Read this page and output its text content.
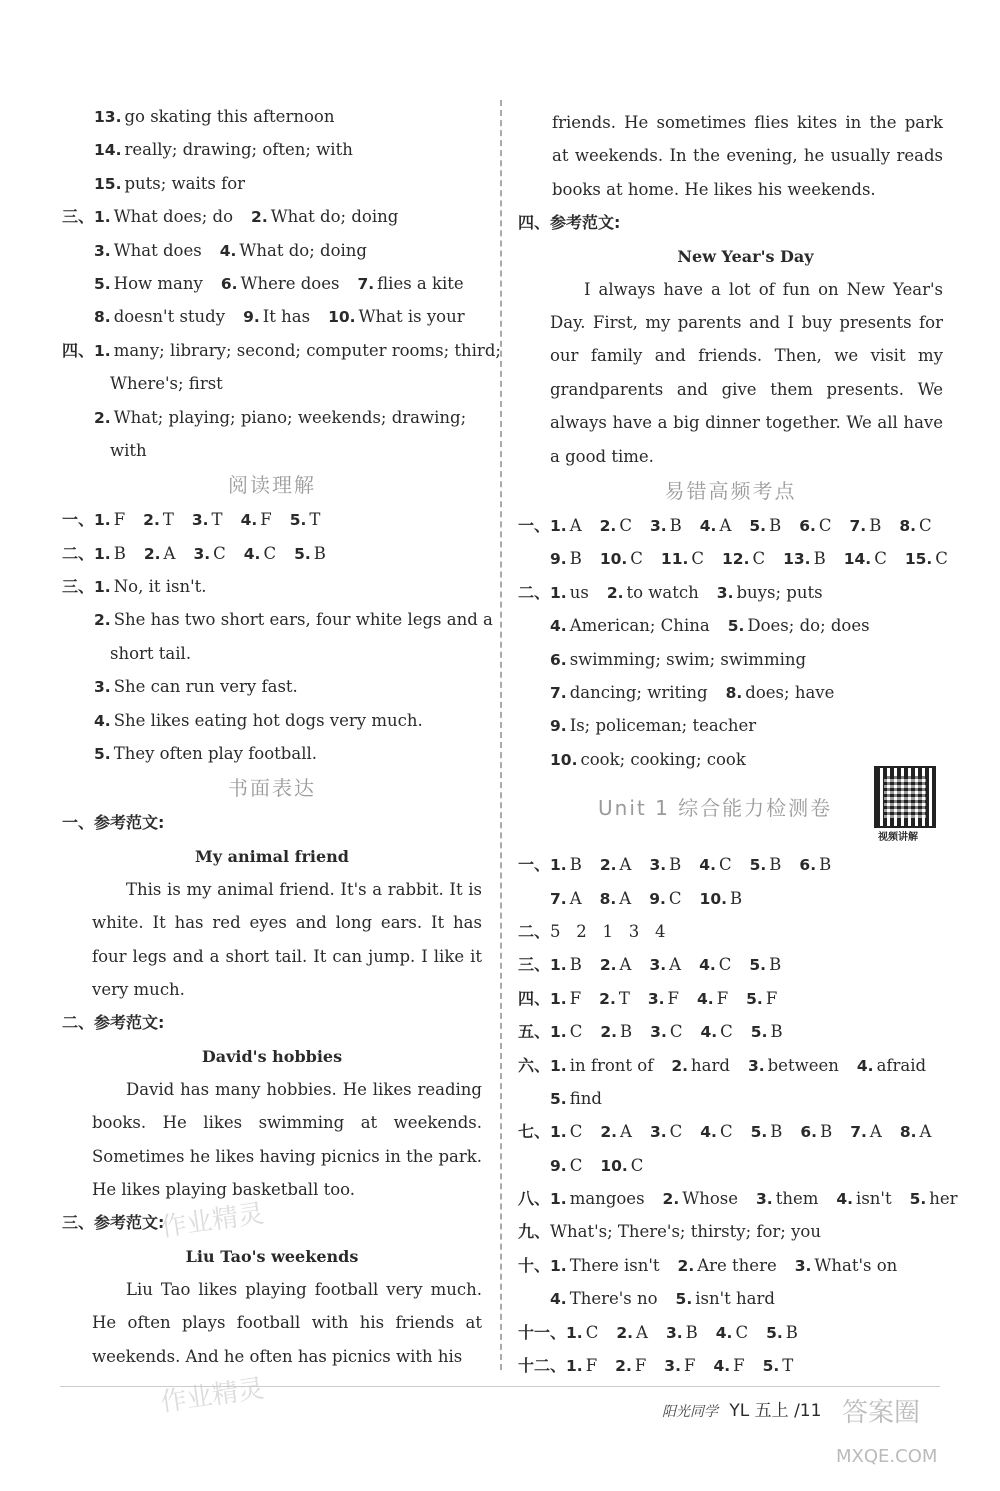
13. go skating this afternoon
14. really; drawing; often; with
15. puts; waits for
三、1. What does; do 2. What do; doing
3. What does 4. What do; doing
5. How many 6. Where does 7. flies a kite
8. doesn't study 9. It has 10. What is your
四、1. many; library; second; computer rooms; third;
Where's; first
2. What; playing; piano; weekends; drawing;
with
阅读理解
一、1. F 2. T 3. T 4. F 5. T
二、1. B 2. A 3. C 4. C 5. B
三、1. No, it isn't.
2. She has two short ears, four white legs and a
short tail.
3. She can run very fast.
4. She likes eating hot dogs very much.
5. They often play football.
书面表达
一、参考范文:
My animal friend
This is my animal friend. It's a rabbit. It is white. It has red eyes and long ears. It has four legs and a short tail. It can jump. I like it very much.
二、参考范文:
David's hobbies
David has many hobbies. He likes reading books. He likes swimming at weekends. Sometimes he likes having picnics in the park. He likes playing basketball too.
三、参考范文:
Liu Tao's weekends
Liu Tao likes playing football very much. He often plays football with his friends at weekends. And he often has picnics with his
friends. He sometimes flies kites in the park at weekends. In the evening, he usually reads books at home. He likes his weekends.
四、参考范文:
New Year's Day
I always have a lot of fun on New Year's Day. First, my parents and I buy presents for our family and friends. Then, we visit my grandparents and give them presents. We always have a big dinner together. We all have a good time.
易错高频考点
一、1. A 2. C 3. B 4. A 5. B 6. C 7. B 8. C
9. B 10. C 11. C 12. C 13. B 14. C 15. C
二、1. us 2. to watch 3. buys; puts
4. American; China 5. Does; do; does
6. swimming; swim; swimming
7. dancing; writing 8. does; have
9. Is; policeman; teacher
10. cook; cooking; cook
Unit 1 综合能力检测卷
视频讲解
一、1. B 2. A 3. B 4. C 5. B 6. B
7. A 8. A 9. C 10. B
二、5   2   1   3   4
三、1. B 2. A 3. A 4. C 5. B
四、1. F 2. T 3. F 4. F 5. F
五、1. C 2. B 3. C 4. C 5. B
六、1. in front of 2. hard 3. between 4. afraid
5. find
七、1. C 2. A 3. C 4. C 5. B 6. B 7. A 8. A
9. C 10. C
八、1. mangoes 2. Whose 3. them 4. isn't 5. her
九、What's; There's; thirsty; for; you
十、1. There isn't 2. Are there 3. What's on
4. There's no 5. isn't hard
十一、1. C 2. A 3. B 4. C 5. B
十二、1. F 2. F 3. F 4. F 5. T
作业精灵
作业精灵	阳光同学 YL 五上 /11 答案圈
MXQE.COM
